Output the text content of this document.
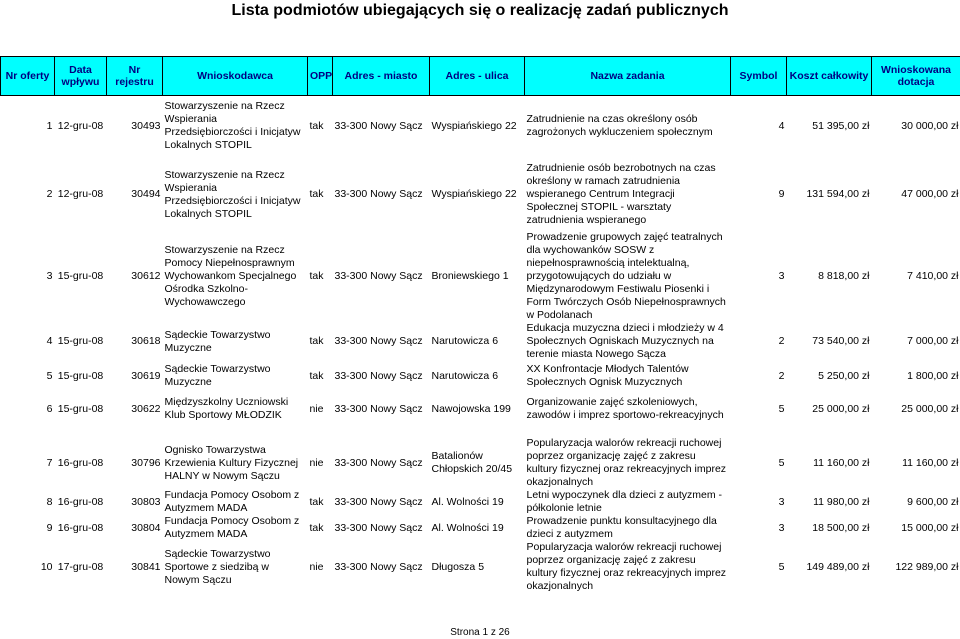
Lista podmiotów ubiegających się o realizację zadań publicznych
Nr oferty	Data wpływu	Nr rejestru	Wnioskodawca	OPP	Adres - miasto	Adres - ulica	Nazwa zadania	Symbol	Koszt całkowity	Wnioskowana dotacja

1	12-gru-08	30493	Stowarzyszenie na Rzecz Wspierania Przedsiębiorczości i Inicjatyw Lokalnych STOPIL	tak	33-300 Nowy Sącz	Wyspiańskiego 22	Zatrudnienie na czas określony osób zagrożonych wykluczeniem społecznym	4	51 395,00 zł	30 000,00 zł

2	12-gru-08	30494	Stowarzyszenie na Rzecz Wspierania Przedsiębiorczości i Inicjatyw Lokalnych STOPIL	tak	33-300 Nowy Sącz	Wyspiańskiego 22	Zatrudnienie osób bezrobotnych na czas określony w ramach zatrudnienia wspieranego Centrum Integracji Społecznej STOPIL - warsztaty zatrudnienia wspieranego	9	131 594,00 zł	47 000,00 zł

3	15-gru-08	30612	Stowarzyszenie na Rzecz Pomocy Niepełnosprawnym Wychowankom Specjalnego Ośrodka Szkolno-Wychowawczego	tak	33-300 Nowy Sącz	Broniewskiego 1	Prowadzenie grupowych zajęć teatralnych dla wychowanków SOSW z niepełnosprawnością intelektualną, przygotowujących do udziału w Międzynarodowym Festiwalu Piosenki i Form Twórczych Osób Niepełnosprawnych w Podolanach	3	8 818,00 zł	7 410,00 zł
4	15-gru-08	30618	Sądeckie Towarzystwo Muzyczne	tak	33-300 Nowy Sącz	Narutowicza 6	Edukacja muzyczna dzieci i młodzieży w 4 Społecznych Ogniskach Muzycznych na terenie miasta Nowego Sącza	2	73 540,00 zł	7 000,00 zł
5	15-gru-08	30619	Sądeckie Towarzystwo Muzyczne	tak	33-300 Nowy Sącz	Narutowicza 6	XX Konfrontacje Młodych Talentów Społecznych Ognisk Muzycznych	2	5 250,00 zł	1 800,00 zł
6	15-gru-08	30622	Międzyszkolny Uczniowski Klub Sportowy MŁODZIK	nie	33-300 Nowy Sącz	Nawojowska 199	Organizowanie zajęć szkoleniowych, zawodów i imprez sportowo-rekreacyjnych	5	25 000,00 zł	25 000,00 zł

7	16-gru-08	30796	Ognisko Towarzystwa Krzewienia Kultury Fizycznej HALNY w Nowym Sączu	nie	33-300 Nowy Sącz	Batalionów Chłopskich 20/45	Popularyzacja walorów rekreacji ruchowej poprzez organizację zajęć z zakresu kultury fizycznej oraz rekreacyjnych imprez okazjonalnych	5	11 160,00 zł	11 160,00 zł
8	16-gru-08	30803	Fundacja Pomocy Osobom z Autyzmem MADA	tak	33-300 Nowy Sącz	Al. Wolności 19	Letni wypoczynek dla dzieci z autyzmem - półkolonie letnie	3	11 980,00 zł	9 600,00 zł
9	16-gru-08	30804	Fundacja Pomocy Osobom z Autyzmem MADA	tak	33-300 Nowy Sącz	Al. Wolności 19	Prowadzenie punktu konsultacyjnego dla dzieci z autyzmem	3	18 500,00 zł	15 000,00 zł
10	17-gru-08	30841	Sądeckie Towarzystwo Sportowe z siedzibą w Nowym Sączu	nie	33-300 Nowy Sącz	Długosza 5	Popularyzacja walorów rekreacji ruchowej poprzez organizację zajęć z zakresu kultury fizycznej oraz rekreacyjnych imprez okazjonalnych	5	149 489,00 zł	122 989,00 zł
Strona 1 z 26
